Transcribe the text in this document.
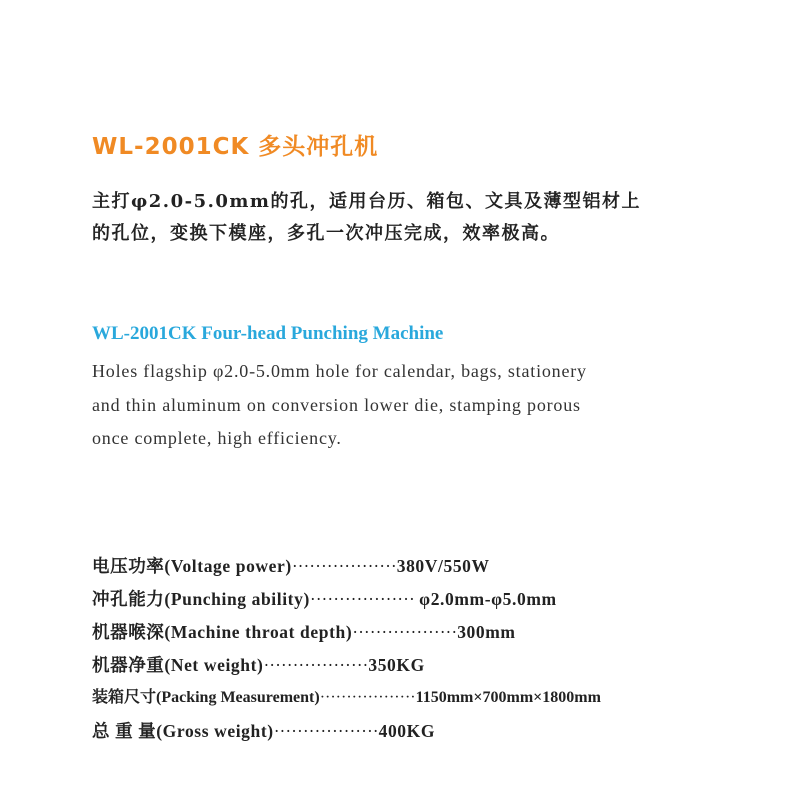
WL-2001CK 多头冲孔机
主打φ2.0-5.0mm的孔，适用台历、箱包、文具及薄型铝材上
的孔位，变换下模座，多孔一次冲压完成，效率极高。
WL-2001CK Four-head Punching Machine
Holes flagship φ2.0-5.0mm hole for calendar, bags, stationery
and thin aluminum on conversion lower die, stamping porous
once complete, high efficiency.
电压功率(Voltage power)··················380V/550W
冲孔能力(Punching ability)·················· φ2.0mm-φ5.0mm
机器喉深(Machine throat depth)··················300mm
机器净重(Net weight)··················350KG
装箱尺寸(Packing Measurement)··················1150mm×700mm×1800mm
总 重 量(Gross weight)··················400KG
